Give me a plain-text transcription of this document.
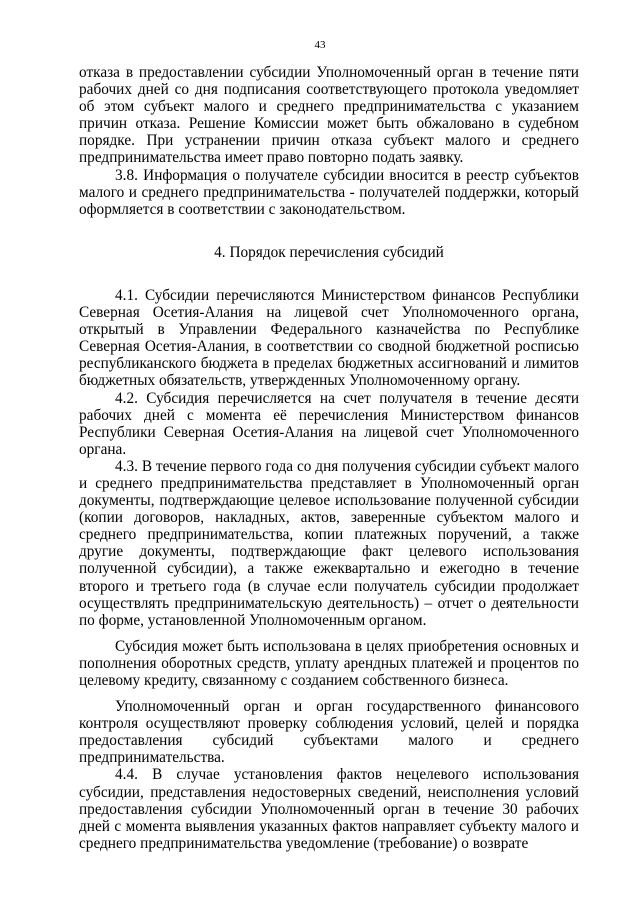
43

отказа в предоставлении субсидии Уполномоченный орган в течение пяти рабочих дней со дня подписания соответствующего протокола уведомляет об этом субъект малого и среднего предпринимательства с указанием причин отказа. Решение Комиссии может быть обжаловано в судебном порядке. При устранении причин отказа субъект малого и среднего предпринимательства имеет право повторно подать заявку.

3.8. Информация о получателе субсидии вносится в реестр субъектов малого и среднего предпринимательства - получателей поддержки, который оформляется в соответствии с законодательством.

4. Порядок перечисления субсидий

4.1. Субсидии перечисляются Министерством финансов Республики Северная Осетия-Алания на лицевой счет Уполномоченного органа, открытый в Управлении Федерального казначейства по Республике Северная Осетия-Алания, в соответствии со сводной бюджетной росписью республиканского бюджета в пределах бюджетных ассигнований и лимитов бюджетных обязательств, утвержденных Уполномоченному органу.

4.2. Субсидия перечисляется на счет получателя в течение десяти рабочих дней с момента её перечисления Министерством финансов Республики Северная Осетия-Алания на лицевой счет Уполномоченного органа.

4.3. В течение первого года со дня получения субсидии субъект малого и среднего предпринимательства представляет в Уполномоченный орган документы, подтверждающие целевое использование полученной субсидии (копии договоров, накладных, актов, заверенные субъектом малого и среднего предпринимательства, копии платежных поручений, а также другие документы, подтверждающие факт целевого использования полученной субсидии), а также ежеквартально и ежегодно в течение второго и третьего года (в случае если получатель субсидии продолжает осуществлять предпринимательскую деятельность) – отчет о деятельности по форме, установленной Уполномоченным органом.

Субсидия может быть использована в целях приобретения основных и пополнения оборотных средств, уплату арендных платежей и процентов по целевому кредиту, связанному с созданием собственного бизнеса.

Уполномоченный орган и орган государственного финансового контроля осуществляют проверку соблюдения условий, целей и порядка предоставления субсидий субъектами малого и среднего предпринимательства.

4.4. В случае установления фактов нецелевого использования субсидии, представления недостоверных сведений, неисполнения условий предоставления субсидии Уполномоченный орган в течение 30 рабочих дней с момента выявления указанных фактов направляет субъекту малого и среднего предпринимательства уведомление (требование) о возврате
